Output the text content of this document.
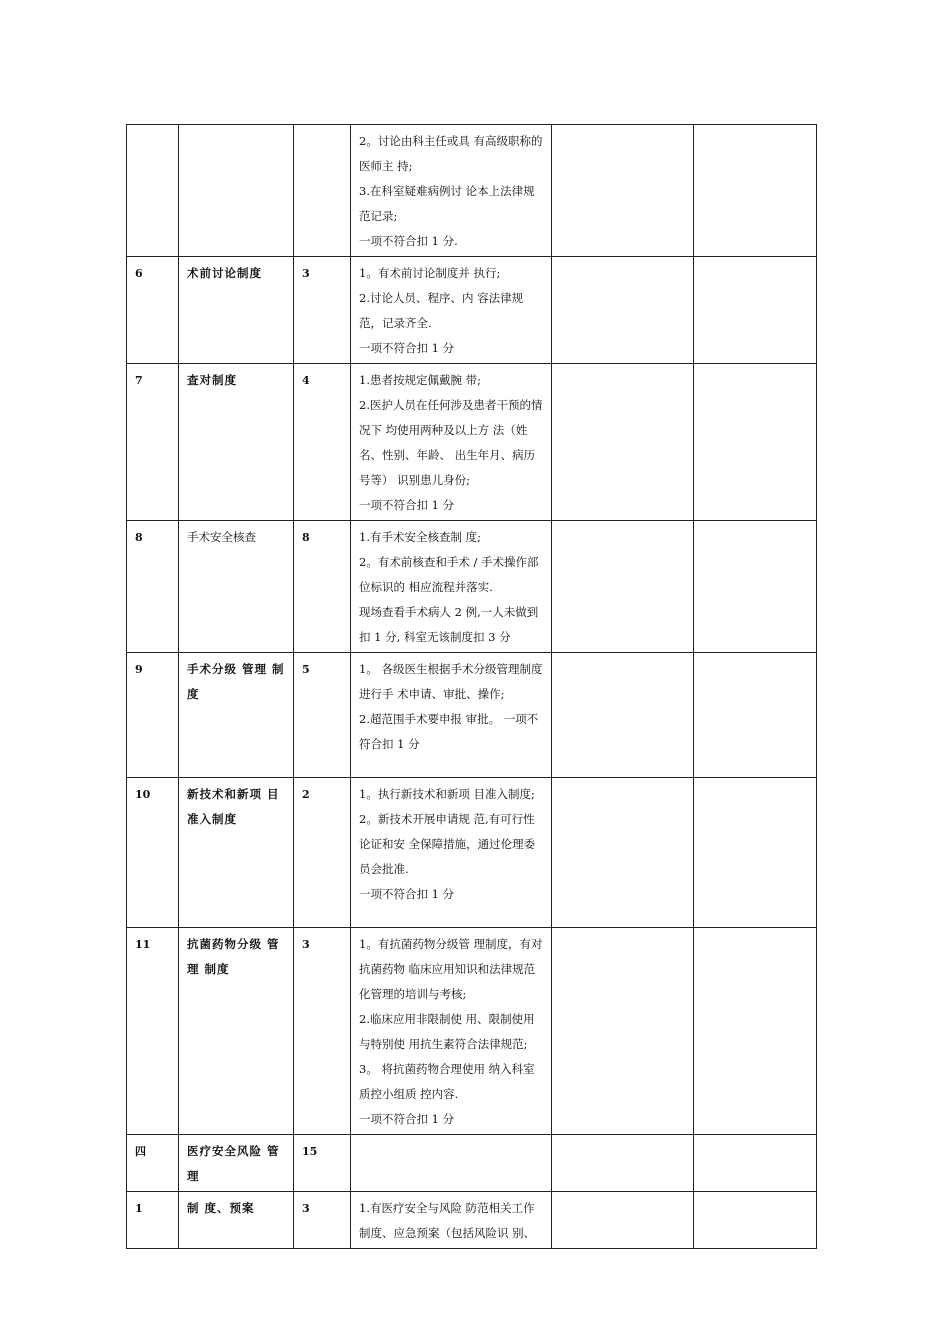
			2。讨论由科主任或具 有高级职称的医师主 持;
3.在科室疑难病例讨 论本上法律规范记录;
一项不符合扣 1 分.		

6	术前讨论制度	3	1。有术前讨论制度并 执行;
2.讨论人员、程序、内 容法律规范，记录齐全.
一项不符合扣 1 分		

7	查对制度	4	1.患者按规定佩戴腕 带;
2.医护人员在任何涉及患者干预的情况下 均使用两种及以上方 法（姓名、性别、年龄、 出生年月、病历号等） 识别患儿身份;
一项不符合扣 1 分		

8	手术安全核查	8	1.有手术安全核查制 度;
2。有术前核查和手术 / 手术操作部位标识的 相应流程并落实.
现场查看手术病人 2 例,一人未做到扣 1 分, 科室无该制度扣 3 分		

9	手术分级 管理 制度	5	1。 各级医生根据手术分级管理制度进行手 术申请、审批、操作;
2.超范围手术要申报 审批。 一项不符合扣 1 分		

10	新技术和新项 目准入制度	2	1。执行新技术和新项 目准入制度;
2。新技术开展申请规 范,有可行性论证和安 全保障措施，通过伦理委员会批准.
一项不符合扣 1 分		

11	抗菌药物分级 管理 制度	3	1。有抗菌药物分级管 理制度，有对抗菌药物 临床应用知识和法律规范 化管理的培训与考核;
2.临床应用非限制使 用、限制使用与特别使 用抗生素符合法律规范;
3。 将抗菌药物合理使用 纳入科室质控小组质 控内容.
一项不符合扣 1 分		

四	医疗安全风险 管理	15			
1	制 度、预案	3	1.有医疗安全与风险 防范相关工作制度、应急预案（包括风险识 别、		
